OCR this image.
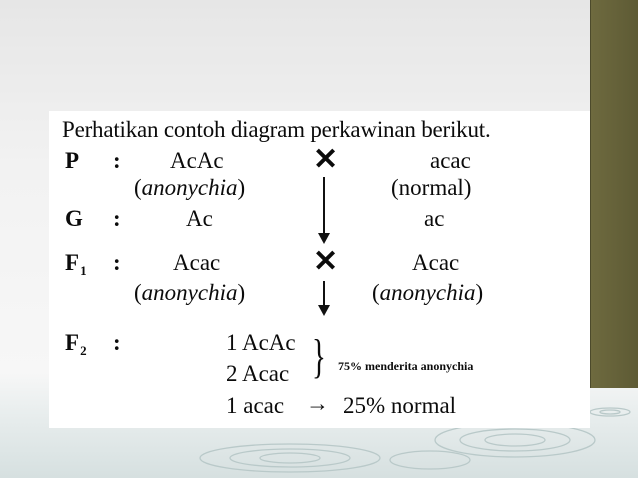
Perhatikan contoh diagram perkawinan berikut.
P : AcAc	✕	acac
(anonychia)	(normal)
G :	Ac	ac
$F_1$ : Acac	✕	Acac
(anonychia)	(anonychia)
$F_2$ :	1 AcAc
2 Acac } 75% menderita anonychia
1 acac → 25% normal
